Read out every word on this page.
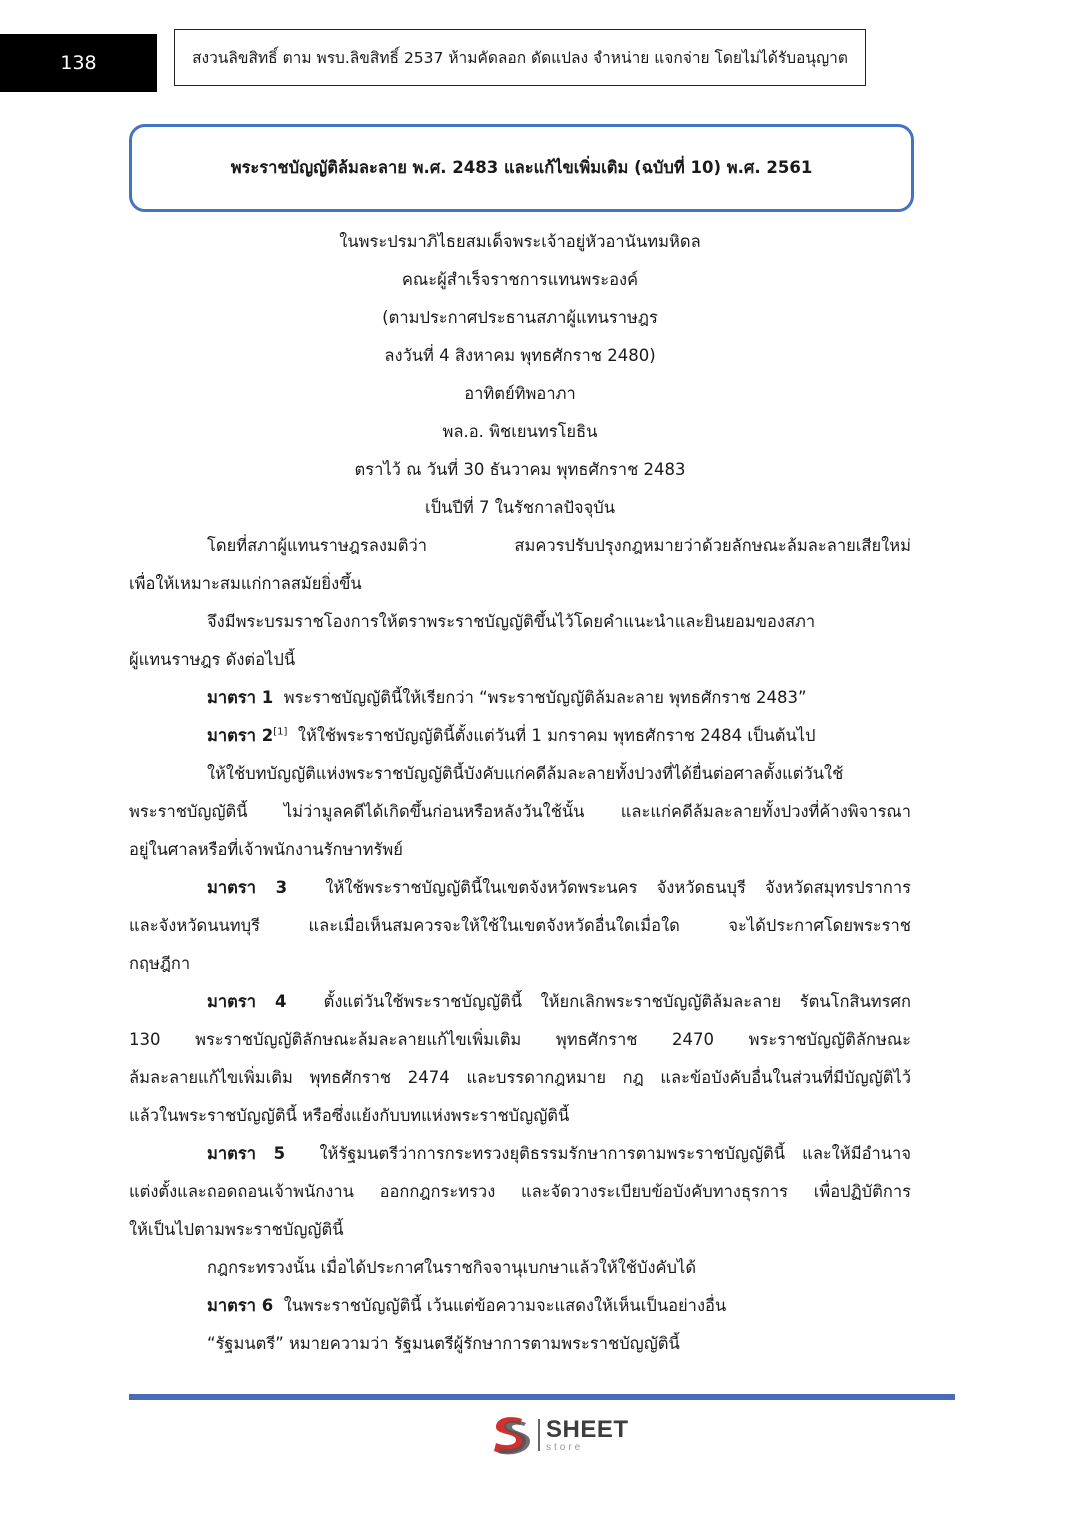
138	สงวนลิขสิทธิ์ ตาม พรบ.ลิขสิทธิ์ 2537 ห้ามคัดลอก ดัดแปลง จำหน่าย แจกจ่าย โดยไม่ได้รับอนุญาต
พระราชบัญญัติล้มละลาย พ.ศ. 2483 และแก้ไขเพิ่มเติม (ฉบับที่ 10) พ.ศ. 2561
ในพระปรมาภิไธยสมเด็จพระเจ้าอยู่หัวอานันทมหิดล
คณะผู้สำเร็จราชการแทนพระองค์
(ตามประกาศประธานสภาผู้แทนราษฎร
ลงวันที่ 4 สิงหาคม พุทธศักราช 2480)
อาทิตย์ทิพอาภา
พล.อ. พิชเยนทรโยธิน
ตราไว้ ณ วันที่ 30 ธันวาคม พุทธศักราช 2483
เป็นปีที่ 7 ในรัชกาลปัจจุบัน
โดยที่สภาผู้แทนราษฎรลงมติว่า สมควรปรับปรุงกฎหมายว่าด้วยลักษณะล้มละลายเสียใหม่
เพื่อให้เหมาะสมแก่กาลสมัยยิ่งขึ้น
จึงมีพระบรมราชโองการให้ตราพระราชบัญญัติขึ้นไว้โดยคำแนะนำและยินยอมของสภา
ผู้แทนราษฎร ดังต่อไปนี้
มาตรา 1 พระราชบัญญัตินี้ให้เรียกว่า “พระราชบัญญัติล้มละลาย พุทธศักราช 2483”
มาตรา 2[1] ให้ใช้พระราชบัญญัตินี้ตั้งแต่วันที่ 1 มกราคม พุทธศักราช 2484 เป็นต้นไป
ให้ใช้บทบัญญัติแห่งพระราชบัญญัตินี้บังคับแก่คดีล้มละลายทั้งปวงที่ได้ยื่นต่อศาลตั้งแต่วันใช้
พระราชบัญญัตินี้ ไม่ว่ามูลคดีได้เกิดขึ้นก่อนหรือหลังวันใช้นั้น และแก่คดีล้มละลายทั้งปวงที่ค้างพิจารณา
อยู่ในศาลหรือที่เจ้าพนักงานรักษาทรัพย์
มาตรา 3 ให้ใช้พระราชบัญญัตินี้ในเขตจังหวัดพระนคร จังหวัดธนบุรี จังหวัดสมุทรปราการ
และจังหวัดนนทบุรี และเมื่อเห็นสมควรจะให้ใช้ในเขตจังหวัดอื่นใดเมื่อใด จะได้ประกาศโดยพระราช
กฤษฎีกา
มาตรา 4 ตั้งแต่วันใช้พระราชบัญญัตินี้ ให้ยกเลิกพระราชบัญญัติล้มละลาย รัตนโกสินทรศก
130 พระราชบัญญัติลักษณะล้มละลายแก้ไขเพิ่มเติม พุทธศักราช 2470 พระราชบัญญัติลักษณะ
ล้มละลายแก้ไขเพิ่มเติม พุทธศักราช 2474 และบรรดากฎหมาย กฎ และข้อบังคับอื่นในส่วนที่มีบัญญัติไว้
แล้วในพระราชบัญญัตินี้ หรือซึ่งแย้งกับบทแห่งพระราชบัญญัตินี้
มาตรา 5 ให้รัฐมนตรีว่าการกระทรวงยุติธรรมรักษาการตามพระราชบัญญัตินี้ และให้มีอำนาจ
แต่งตั้งและถอดถอนเจ้าพนักงาน ออกกฎกระทรวง และจัดวางระเบียบข้อบังคับทางธุรการ เพื่อปฏิบัติการ
ให้เป็นไปตามพระราชบัญญัตินี้
กฎกระทรวงนั้น เมื่อได้ประกาศในราชกิจจานุเบกษาแล้วให้ใช้บังคับได้
มาตรา 6 ในพระราชบัญญัตินี้ เว้นแต่ข้อความจะแสดงให้เห็นเป็นอย่างอื่น
“รัฐมนตรี” หมายความว่า รัฐมนตรีผู้รักษาการตามพระราชบัญญัตินี้
SHEET
store
